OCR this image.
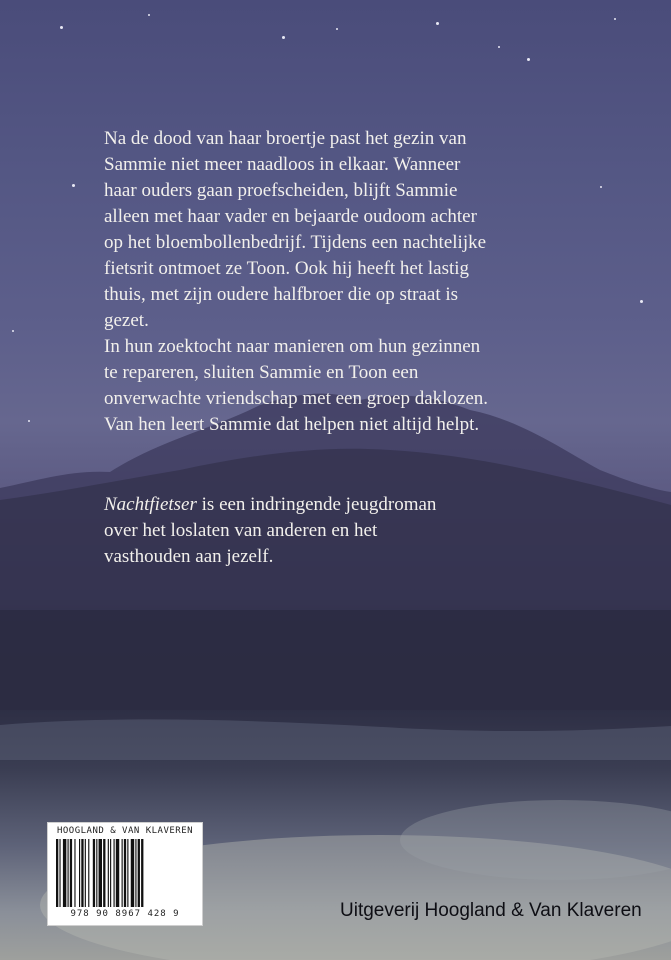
Na de dood van haar broertje past het gezin van
Sammie niet meer naadloos in elkaar. Wanneer
haar ouders gaan proefscheiden, blijft Sammie
alleen met haar vader en bejaarde oudoom achter
op het bloembollenbedrijf. Tijdens een nachtelijke
fietsrit ontmoet ze Toon. Ook hij heeft het lastig
thuis, met zijn oudere halfbroer die op straat is
gezet.
In hun zoektocht naar manieren om hun gezinnen
te repareren, sluiten Sammie en Toon een
onverwachte vriendschap met een groep daklozen.
Van hen leert Sammie dat helpen niet altijd helpt.
Nachtfietser is een indringende jeugdroman
over het loslaten van anderen en het
vasthouden aan jezelf.
HOOGLAND & VAN KLAVEREN
978 90 8967 428 9	Uitgeverij Hoogland & Van Klaveren
